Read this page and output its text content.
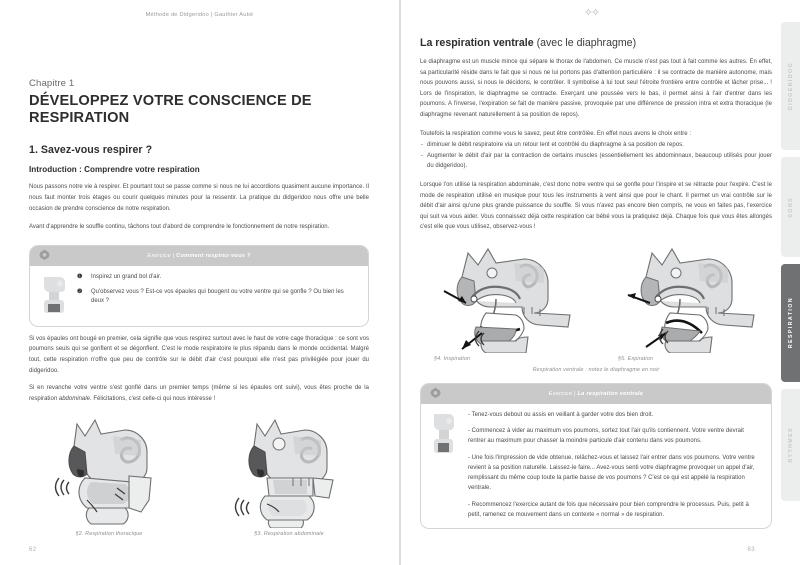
Méthode de Didgeridoo | Gauthier Aubé
Chapitre 1
DÉVELOPPEZ VOTRE CONSCIENCE DE RESPIRATION
1. Savez-vous respirer ?
Introduction : Comprendre votre respiration

Nous passons notre vie à respirer. Et pourtant tout se passe comme si nous ne lui accordions quasiment aucune importance. Il nous faut monter trois étages ou courir quelques minutes pour la ressentir. La pratique du didgeridoo nous offre une belle occasion de prendre conscience de notre respiration.

Avant d'apprendre le souffle continu, tâchons tout d'abord de comprendre le fonctionnement de notre respiration.

Exercice | Comment respirez-vous ?
❶	Inspirez un grand bol d'air.
❷	Qu'observez vous ? Est-ce vos épaules qui bougent ou votre ventre qui se gonfle ? Ou bien les deux ?

Si vos épaules ont bougé en premier, cela signifie que vous respirez surtout avec le haut de votre cage thoracique : ce sont vos poumons seuls qui se gonflent et se dégonflent. C'est le mode respiratoire le plus répandu dans le monde occidental. Malgré tout, cette respiration n'offre que peu de contrôle sur le débit d'air c'est pourquoi elle n'est pas privilégiée pour jouer du didgeridoo.

Si en revanche votre ventre s'est gonflé dans un premier temps (même si les épaules ont suivi), vous êtes proche de la respiration abdominale. Félicitations, c'est celle-ci qui nous intéresse !

§2. Respiration thoracique	§3. Respiration abdominale
62
✧✧
La respiration ventrale (avec le diaphragme)

Le diaphragme est un muscle mince qui sépare le thorax de l'abdomen. Ce muscle n'est pas tout à fait comme les autres. En effet, sa particularité réside dans le fait que si nous ne lui portons pas d'attention particulière : il se contracte de manière autonome, mais nous pouvons aussi, si nous le décidons, le contrôler. Il symbolise à lui tout seul l'étroite frontière entre contrôle et lâcher prise... ! Lors de l'inspiration, le diaphragme se contracte. Exerçant une poussée vers le bas, il permet ainsi à l'air d'entrer dans les poumons. A l'inverse, l'expiration se fait de manière passive, provoquée par une différence de pression intra et extra thoracique (le diaphragme revenant naturellement à sa position de repos).

Toutefois la respiration comme vous le savez, peut être contrôlée. En effet nous avons le choix entre :

- diminuer le débit respiratoire via un retour lent et contrôlé du diaphragme à sa position de repos.
- Augmenter le débit d'air par la contraction de certains muscles (essentiellement les abdominnaux, beaucoup utilisés pour jouer du didgeridoo).

Lorsque l'on utilise la respiration abdominale, c'est donc notre ventre qui se gonfle pour l'inspire et se rétracte pour l'expire. C'est le mode de respiration utilisé en musique pour tous les instruments à vent ainsi que pour le chant. Il permet un vrai contrôle sur le débit d'air ainsi qu'une plus grande puissance du souffle. Si vous n'avez pas encore bien compris, ne vous en faites pas, l'exercice qui suit va vous aider. Vous connaissez déjà cette respiration car bébé vous la pratiquiez déjà. Chaque fois que vous êtes allongés c'est elle que vous utilisez, observez-vous !

§4. Inspiration	§5. Expiration
Respiration ventrale : notez le diaphragme en noir
Exercice | La respiration ventrale
- Tenez-vous debout ou assis en veillant à garder votre dos bien droit.
- Commencez à vider au maximum vos poumons, sortez tout l'air qu'ils contiennent. Votre ventre devrait rentrer au maximum pour chasser la moindre particule d'air contenu dans vos poumons.
- Une fois l'impression de vide obtenue, relâchez-vous et laissez l'air entrer dans vos poumons. Votre ventre revient à sa position naturelle. Laissez-le faire... Avez-vous senti votre diaphragme provoquer un appel d'air, remplissant du même coup toute la partie basse de vos poumons ? C'est ce qui est appelé la respiration ventrale.
- Recommencez l'exercice autant de fois que nécessaire pour bien comprendre le processus. Puis, petit à petit, ramenez ce mouvement dans un contexte « normal » de respiration.
63
DIDGERIDOO
SONS
RESPIRATION
RYTHMES
